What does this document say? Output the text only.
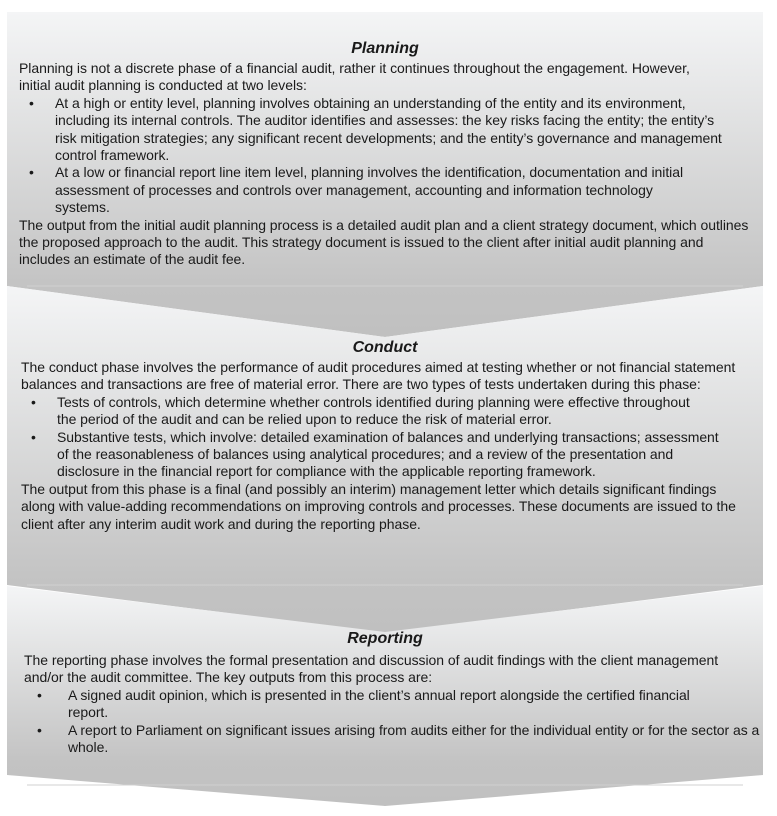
Planning

Planning is not a discrete phase of a financial audit, rather it continues throughout the engagement. However, initial audit planning is conducted at two levels:

• At a high or entity level, planning involves obtaining an understanding of the entity and its environment, including its internal controls. The auditor identifies and assesses: the key risks facing the entity; the entity’s risk mitigation strategies; any significant recent developments; and the entity’s governance and management control framework.
• At a low or financial report line item level, planning involves the identification, documentation and initial assessment of processes and controls over management, accounting and information technology systems.

The output from the initial audit planning process is a detailed audit plan and a client strategy document, which outlines the proposed approach to the audit. This strategy document is issued to the client after initial audit planning and includes an estimate of the audit fee.

Conduct

The conduct phase involves the performance of audit procedures aimed at testing whether or not financial statement balances and transactions are free of material error. There are two types of tests undertaken during this phase:

• Tests of controls, which determine whether controls identified during planning were effective throughout the period of the audit and can be relied upon to reduce the risk of material error.
• Substantive tests, which involve: detailed examination of balances and underlying transactions; assessment of the reasonableness of balances using analytical procedures; and a review of the presentation and disclosure in the financial report for compliance with the applicable reporting framework.

The output from this phase is a final (and possibly an interim) management letter which details significant findings along with value-adding recommendations on improving controls and processes. These documents are issued to the client after any interim audit work and during the reporting phase.

Reporting

The reporting phase involves the formal presentation and discussion of audit findings with the client management and/or the audit committee. The key outputs from this process are:

• A signed audit opinion, which is presented in the client’s annual report alongside the certified financial report.
• A report to Parliament on significant issues arising from audits either for the individual entity or for the sector as a whole.
